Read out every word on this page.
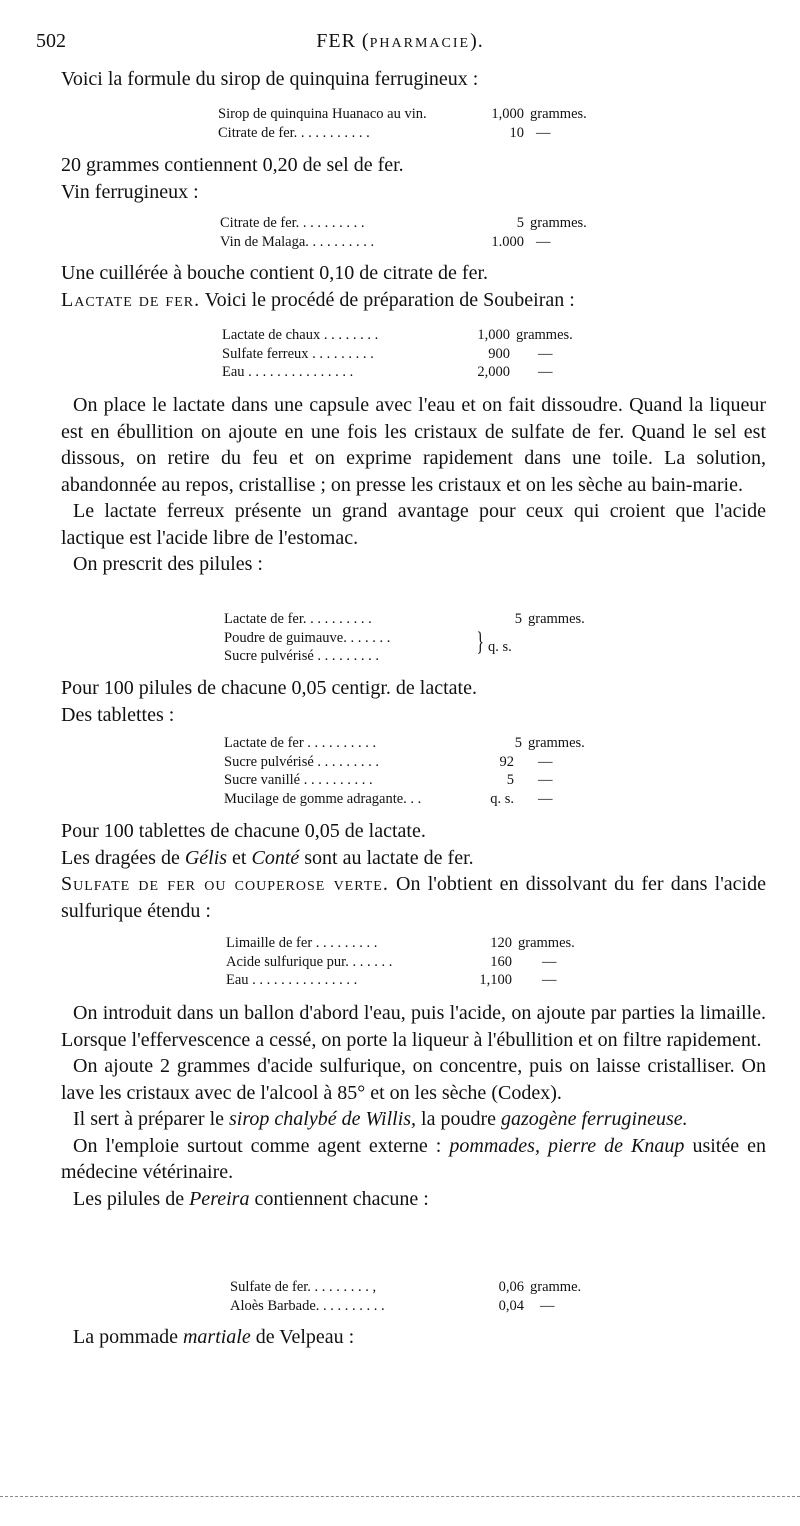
502	FER (PHARMACIE).

Voici la formule du sirop de quinquina ferrugineux :

Sirop de quinquina Huanaco au vin.	1,000 grammes.
Citrate de fer. . . . . . . . . . .	10 —

20 grammes contiennent 0,20 de sel de fer.

Vin ferrugineux :

Citrate de fer. . . . . . . . . .	5 grammes.
Vin de Malaga. . . . . . . . . .	1.000 —

Une cuillérée à bouche contient 0,10 de citrate de fer.

Lactate de fer. Voici le procédé de préparation de Soubeiran :

Lactate de chaux . . . . . . . .	1,000 grammes.
Sulfate ferreux . . . . . . . . .	900 —
Eau . . . . . . . . . . . . . . .	2,000 —

On place le lactate dans une capsule avec l'eau et on fait dissoudre. Quand la liqueur est en ébullition on ajoute en une fois les cristaux de sulfate de fer. Quand le sel est dissous, on retire du feu et on exprime rapidement dans une toile. La solution, abandonnée au repos, cristallise ; on presse les cristaux et on les sèche au bain-marie.

Le lactate ferreux présente un grand avantage pour ceux qui croient que l'acide lactique est l'acide libre de l'estomac.

On prescrit des pilules :

Lactate de fer. . . . . . . . . .	5 grammes.
Poudre de guimauve. . . . . . .
Sucre pulvérisé . . . . . . . . .	} q. s.

Pour 100 pilules de chacune 0,05 centigr. de lactate.

Des tablettes :

Lactate de fer . . . . . . . . . .	5 grammes.
Sucre pulvérisé . . . . . . . . .	92 —
Sucre vanillé . . . . . . . . . .	5 —
Mucilage de gomme adragante. . .	q. s. —

Pour 100 tablettes de chacune 0,05 de lactate.

Les dragées de Gélis et Conté sont au lactate de fer.

Sulfate de fer ou couperose verte. On l'obtient en dissolvant du fer dans l'acide sulfurique étendu :

Limaille de fer . . . . . . . . .	120 grammes.
Acide sulfurique pur. . . . . . .	160 —
Eau . . . . . . . . . . . . . . .	1,100 —

On introduit dans un ballon d'abord l'eau, puis l'acide, on ajoute par parties la limaille. Lorsque l'effervescence a cessé, on porte la liqueur à l'ébullition et on filtre rapidement.

On ajoute 2 grammes d'acide sulfurique, on concentre, puis on laisse cristalliser. On lave les cristaux avec de l'alcool à 85° et on les sèche (Codex).

Il sert à préparer le sirop chalybé de Willis, la poudre gazogène ferrugineuse.

On l'emploie surtout comme agent externe : pommades, pierre de Knaup usitée en médecine vétérinaire.

Les pilules de Pereira contiennent chacune :

Sulfate de fer. . . . . . . . . ,	0,06 gramme.
Aloès Barbade. . . . . . . . . .	0,04 —

La pommade martiale de Velpeau :
